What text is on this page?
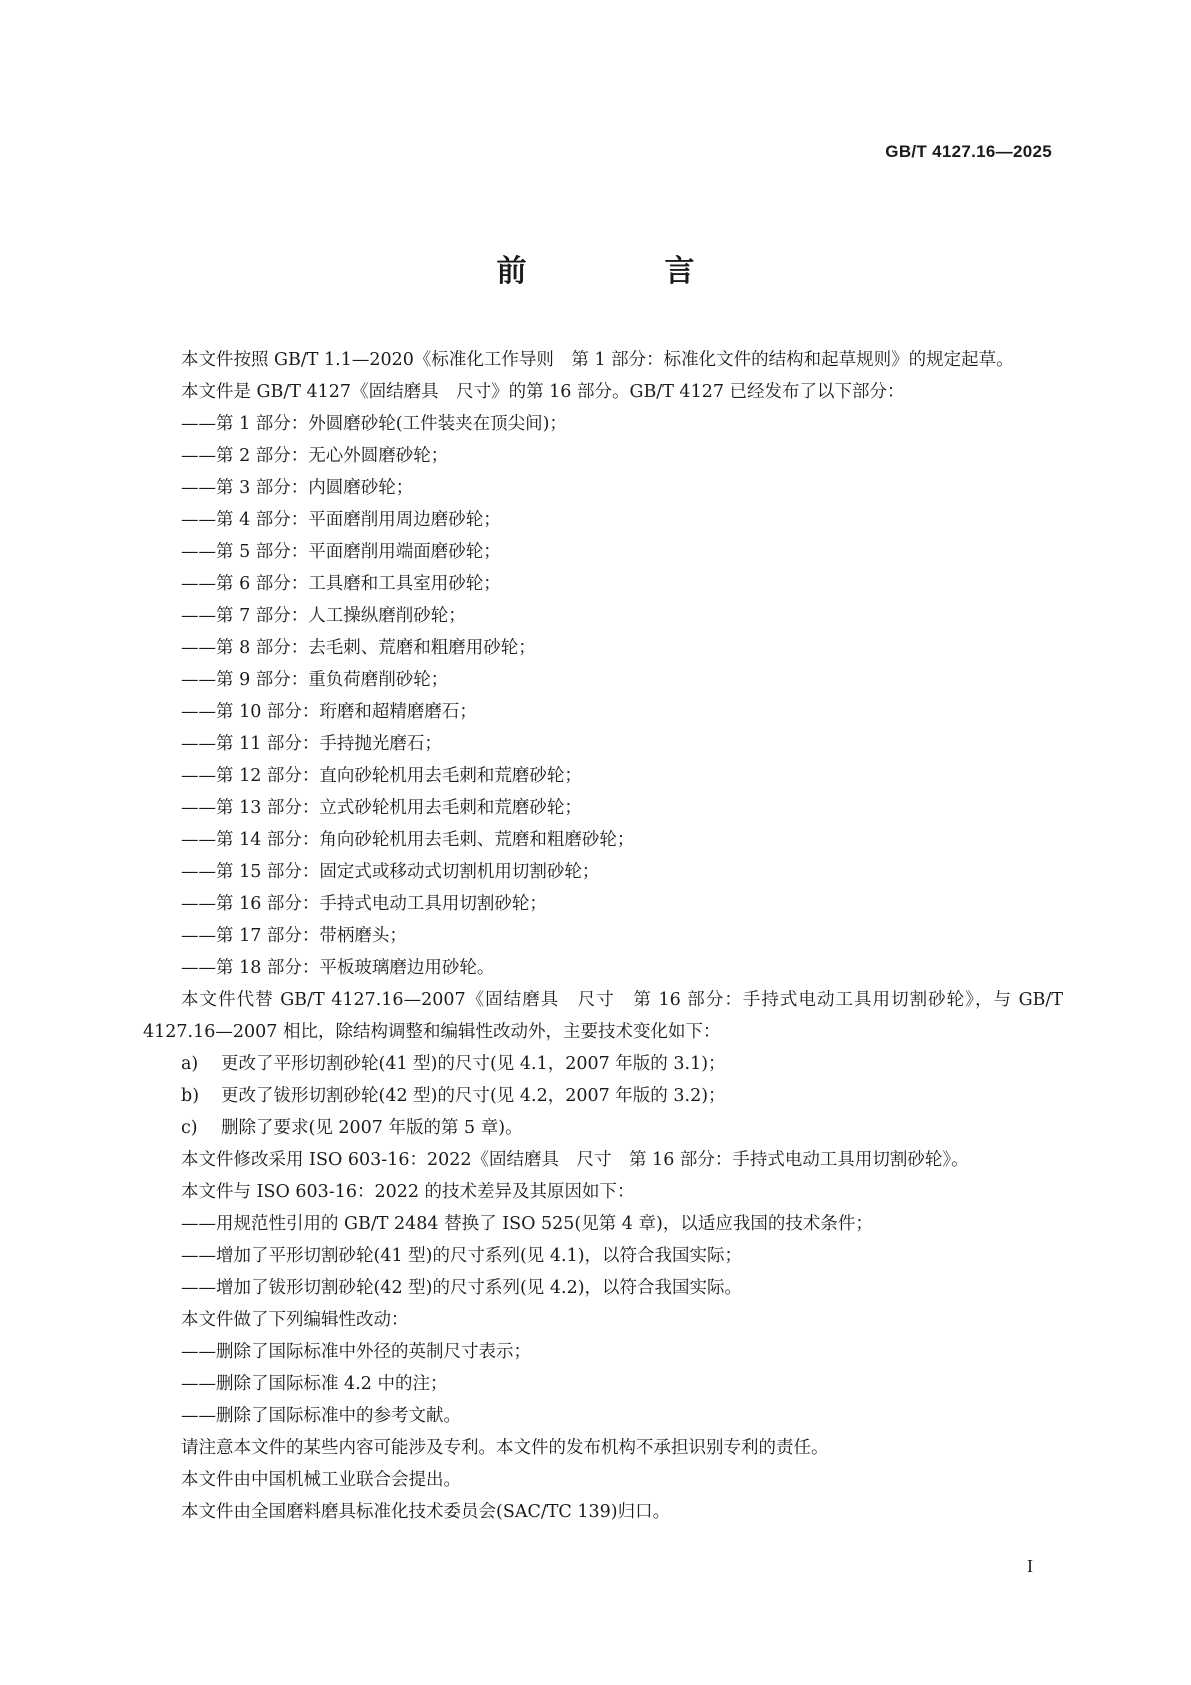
GB/T 4127.16—2025
前　言

本文件按照 GB/T 1.1—2020《标准化工作导则　第 1 部分：标准化文件的结构和起草规则》的规定起草。

本文件是 GB/T 4127《固结磨具　尺寸》的第 16 部分。GB/T 4127 已经发布了以下部分：

——第 1 部分：外圆磨砂轮(工件装夹在顶尖间)；

——第 2 部分：无心外圆磨砂轮；

——第 3 部分：内圆磨砂轮；

——第 4 部分：平面磨削用周边磨砂轮；

——第 5 部分：平面磨削用端面磨砂轮；

——第 6 部分：工具磨和工具室用砂轮；

——第 7 部分：人工操纵磨削砂轮；

——第 8 部分：去毛刺、荒磨和粗磨用砂轮；

——第 9 部分：重负荷磨削砂轮；

——第 10 部分：珩磨和超精磨磨石；

——第 11 部分：手持抛光磨石；

——第 12 部分：直向砂轮机用去毛刺和荒磨砂轮；

——第 13 部分：立式砂轮机用去毛刺和荒磨砂轮；

——第 14 部分：角向砂轮机用去毛刺、荒磨和粗磨砂轮；

——第 15 部分：固定式或移动式切割机用切割砂轮；

——第 16 部分：手持式电动工具用切割砂轮；

——第 17 部分：带柄磨头；

——第 18 部分：平板玻璃磨边用砂轮。

本文件代替 GB/T 4127.16—2007《固结磨具　尺寸　第 16 部分：手持式电动工具用切割砂轮》，与 GB/T 4127.16—2007 相比，除结构调整和编辑性改动外，主要技术变化如下：

a) 更改了平形切割砂轮(41 型)的尺寸(见 4.1，2007 年版的 3.1)；

b) 更改了钹形切割砂轮(42 型)的尺寸(见 4.2，2007 年版的 3.2)；

c) 删除了要求(见 2007 年版的第 5 章)。

本文件修改采用 ISO 603-16：2022《固结磨具　尺寸　第 16 部分：手持式电动工具用切割砂轮》。

本文件与 ISO 603-16：2022 的技术差异及其原因如下：

——用规范性引用的 GB/T 2484 替换了 ISO 525(见第 4 章)，以适应我国的技术条件；

——增加了平形切割砂轮(41 型)的尺寸系列(见 4.1)，以符合我国实际；

——增加了钹形切割砂轮(42 型)的尺寸系列(见 4.2)，以符合我国实际。

本文件做了下列编辑性改动：

——删除了国际标准中外径的英制尺寸表示；

——删除了国际标准 4.2 中的注；

——删除了国际标准中的参考文献。

请注意本文件的某些内容可能涉及专利。本文件的发布机构不承担识别专利的责任。

本文件由中国机械工业联合会提出。

本文件由全国磨料磨具标准化技术委员会(SAC/TC 139)归口。

I
